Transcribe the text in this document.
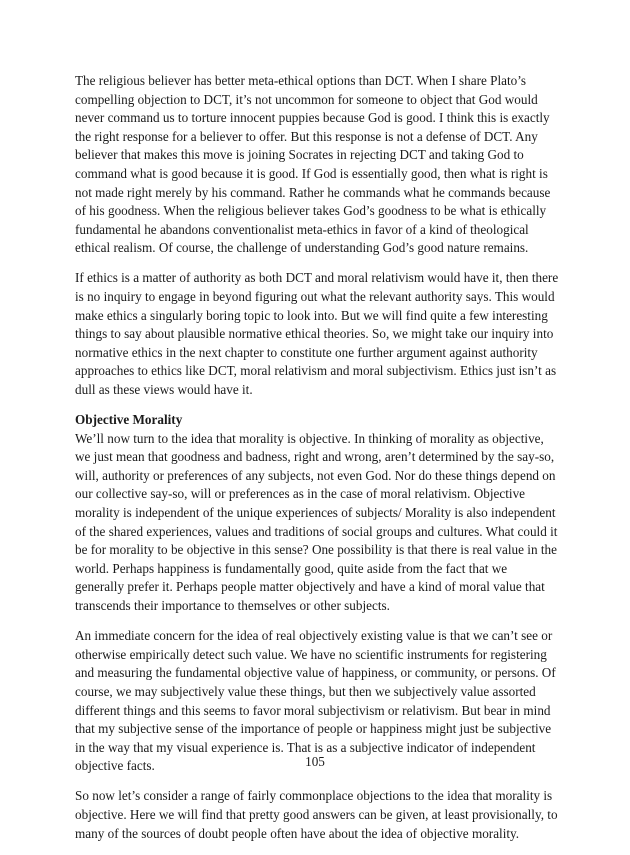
The religious believer has better meta-ethical options than DCT. When I share Plato’s compelling objection to DCT, it’s not uncommon for someone to object that God would never command us to torture innocent puppies because God is good. I think this is exactly the right response for a believer to offer. But this response is not a defense of DCT. Any believer that makes this move is joining Socrates in rejecting DCT and taking God to command what is good because it is good. If God is essentially good, then what is right is not made right merely by his command. Rather he commands what he commands because of his goodness. When the religious believer takes God’s goodness to be what is ethically fundamental he abandons conventionalist meta-ethics in favor of a kind of theological ethical realism. Of course, the challenge of understanding God’s good nature remains.

If ethics is a matter of authority as both DCT and moral relativism would have it, then there is no inquiry to engage in beyond figuring out what the relevant authority says. This would make ethics a singularly boring topic to look into. But we will find quite a few interesting things to say about plausible normative ethical theories. So, we might take our inquiry into normative ethics in the next chapter to constitute one further argument against authority approaches to ethics like DCT, moral relativism and moral subjectivism. Ethics just isn’t as dull as these views would have it.

Objective Morality
We’ll now turn to the idea that morality is objective. In thinking of morality as objective, we just mean that goodness and badness, right and wrong, aren’t determined by the say-so, will, authority or preferences of any subjects, not even God. Nor do these things depend on our collective say-so, will or preferences as in the case of moral relativism. Objective morality is independent of the unique experiences of subjects/ Morality is also independent of the shared experiences, values and traditions of social groups and cultures. What could it be for morality to be objective in this sense? One possibility is that there is real value in the world. Perhaps happiness is fundamentally good, quite aside from the fact that we generally prefer it. Perhaps people matter objectively and have a kind of moral value that transcends their importance to themselves or other subjects.

An immediate concern for the idea of real objectively existing value is that we can’t see or otherwise empirically detect such value. We have no scientific instruments for registering and measuring the fundamental objective value of happiness, or community, or persons. Of course, we may subjectively value these things, but then we subjectively value assorted different things and this seems to favor moral subjectivism or relativism. But bear in mind that my subjective sense of the importance of people or happiness might just be subjective in the way that my visual experience is. That is as a subjective indicator of independent objective facts.

So now let’s consider a range of fairly commonplace objections to the idea that morality is objective. Here we will find that pretty good answers can be given, at least provisionally, to many of the sources of doubt people often have about the idea of objective morality.

105
